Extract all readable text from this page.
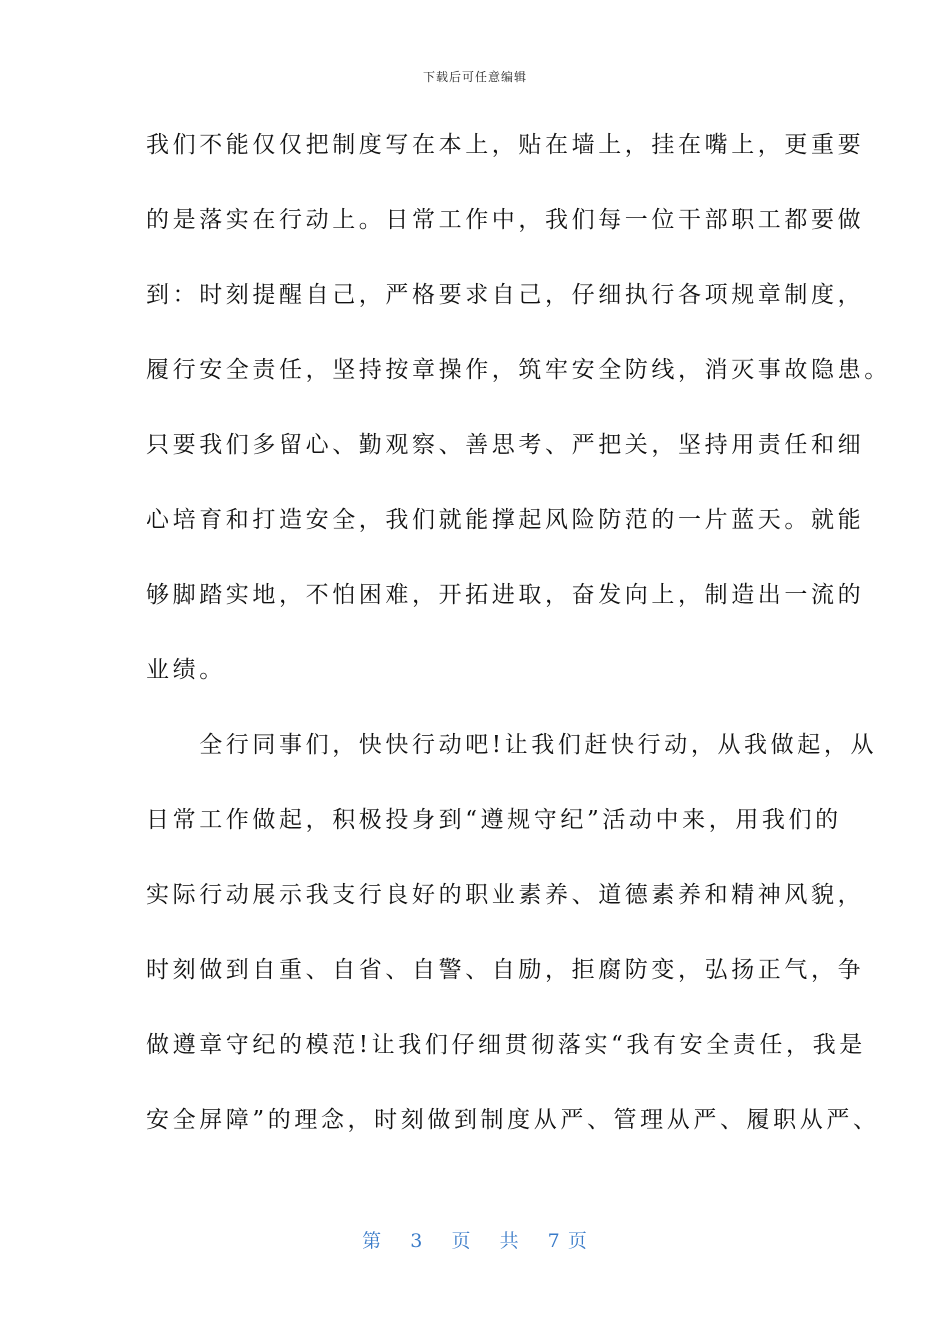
下载后可任意编辑
我们不能仅仅把制度写在本上，贴在墙上，挂在嘴上，更重要
的是落实在行动上。日常工作中，我们每一位干部职工都要做
到：时刻提醒自己，严格要求自己，仔细执行各项规章制度，
履行安全责任，坚持按章操作，筑牢安全防线，消灭事故隐患。
只要我们多留心、勤观察、善思考、严把关，坚持用责任和细
心培育和打造安全，我们就能撑起风险防范的一片蓝天。就能
够脚踏实地，不怕困难，开拓进取，奋发向上，制造出一流的
业绩。
　　全行同事们，快快行动吧!让我们赶快行动，从我做起，从
日常工作做起，积极投身到“遵规守纪”活动中来，用我们的
实际行动展示我支行良好的职业素养、道德素养和精神风貌，
时刻做到自重、自省、自警、自励，拒腐防变，弘扬正气，争
做遵章守纪的模范!让我们仔细贯彻落实“我有安全责任，我是
安全屏障”的理念，时刻做到制度从严、管理从严、履职从严、
第 3 页 共 7 页
